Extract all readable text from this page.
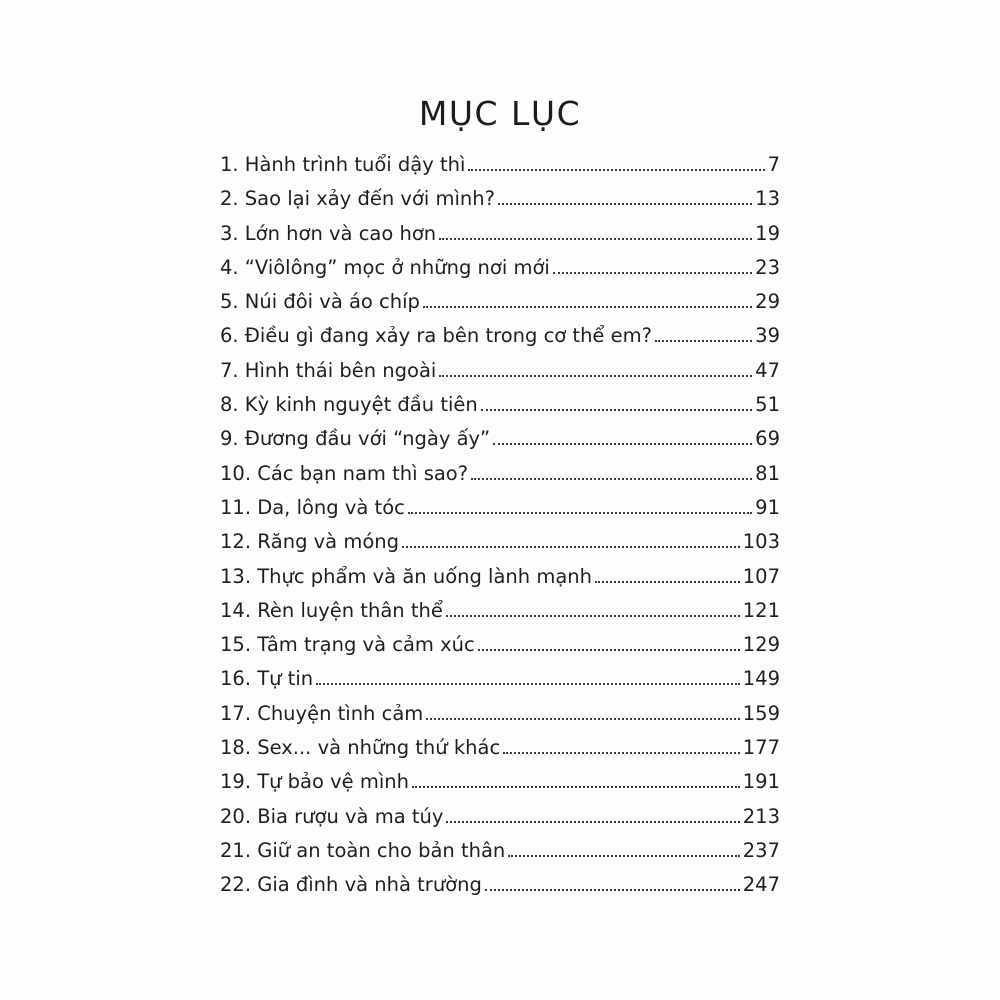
MỤC LỤC
1. Hành trình tuổi dậy thì	7
2. Sao lại xảy đến với mình?	13
3. Lớn hơn và cao hơn	19
4. “Viôlông” mọc ở những nơi mới	23
5. Núi đôi và áo chíp	29
6. Điều gì đang xảy ra bên trong cơ thể em?	39
7. Hình thái bên ngoài	47
8. Kỳ kinh nguyệt đầu tiên	51
9. Đương đầu với “ngày ấy”	69
10. Các bạn nam thì sao?	81
11. Da, lông và tóc	91
12. Răng và móng	103
13. Thực phẩm và ăn uống lành mạnh	107
14. Rèn luyện thân thể	121
15. Tâm trạng và cảm xúc	129
16. Tự tin	149
17. Chuyện tình cảm	159
18. Sex... và những thứ khác	177
19. Tự bảo vệ mình	191
20. Bia rượu và ma túy	213
21. Giữ an toàn cho bản thân	237
22. Gia đình và nhà trường	247
